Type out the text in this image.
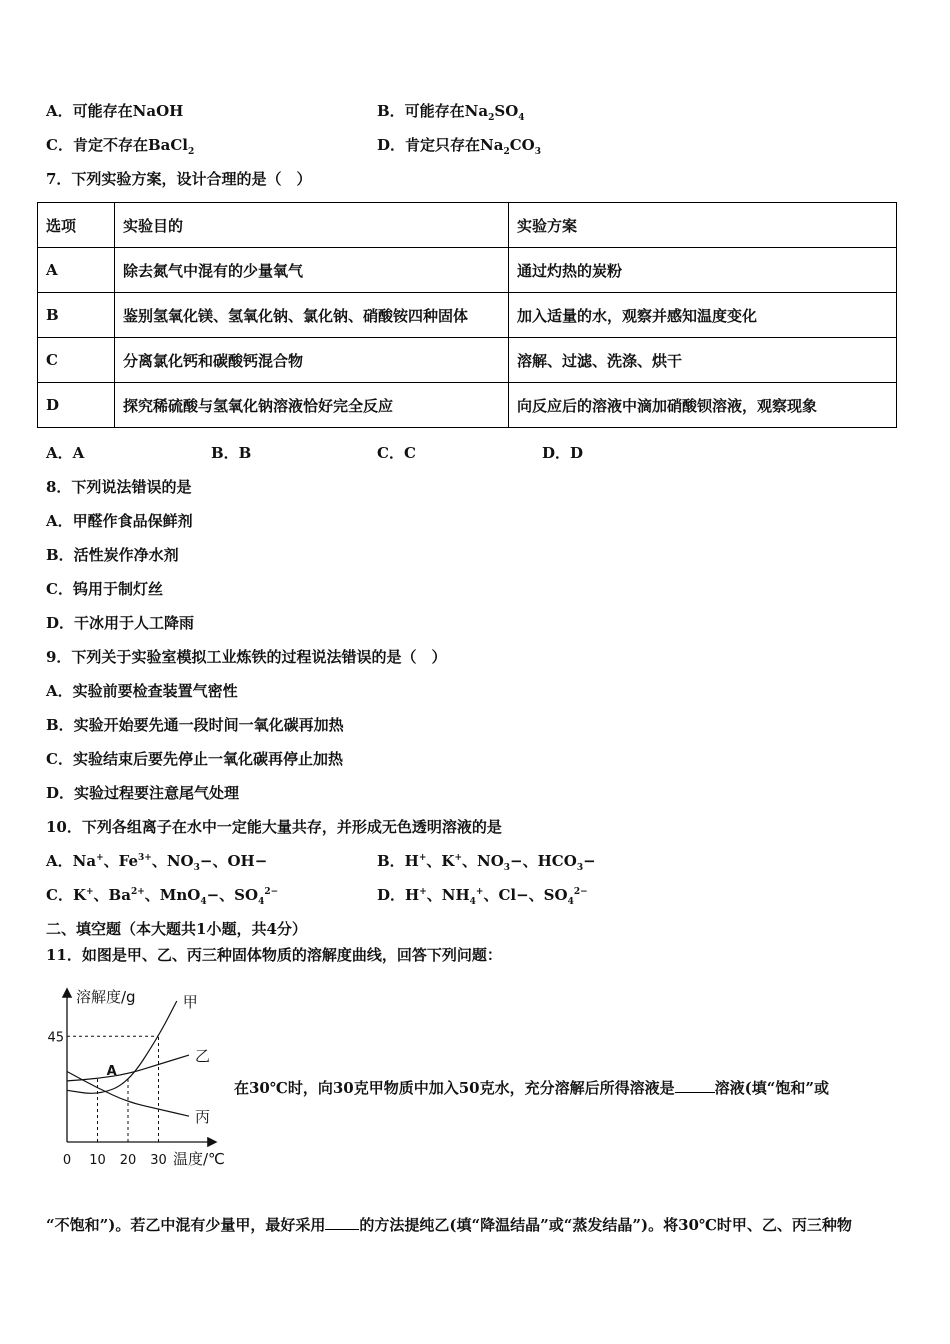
A．可能存在NaOH	B．可能存在$Na_2SO_4$
C．肯定不存在BaCl$_2$	D．肯定只存在$Na_2CO_3$
7．下列实验方案，设计合理的是（　）
选项	实验目的	实验方案
A	除去氮气中混有的少量氧气	通过灼热的炭粉
B	鉴别氢氧化镁、氢氧化钠、氯化钠、硝酸铵四种固体	加入适量的水，观察并感知温度变化
C	分离氯化钙和碳酸钙混合物	溶解、过滤、洗涤、烘干
D	探究稀硫酸与氢氧化钠溶液恰好完全反应	向反应后的溶液中滴加硝酸钡溶液，观察现象
A．A	B．B	C．C	D．D
8．下列说法错误的是
A．甲醛作食品保鲜剂
B．活性炭作净水剂
C．钨用于制灯丝
D．干冰用于人工降雨
9．下列关于实验室模拟工业炼铁的过程说法错误的是（　）
A．实验前要检查装置气密性
B．实验开始要先通一段时间一氧化碳再加热
C．实验结束后要先停止一氧化碳再停止加热
D．实验过程要注意尾气处理
10．下列各组离子在水中一定能大量共存，并形成无色透明溶液的是
A．Na+、$Fe^{3+}$、$NO_3-$、OH−	B．H+、K+、$NO_3-$、$HCO_3-$
C．K+、$Ba^{2+}$、MnO$_4$−、$SO_4^{2-}$	D．H+、$NH_4^+$、Cl−、$SO_4^{2-}$
二、填空题（本大题共1小题，共4分）
11．如图是甲、乙、丙三种固体物质的溶解度曲线，回答下列问题：
溶解度/g
温度/℃
0 10 20 30
45
甲
乙
丙
A
在30℃时，向30克甲物质中加入50克水，充分溶解后所得溶液是	溶液(填“饱和”或
“不饱和”)。若乙中混有少量甲，最好采用 的方法提纯乙(填“降温结晶”或“蒸发结晶”)。将30℃时甲、乙、丙三种物
